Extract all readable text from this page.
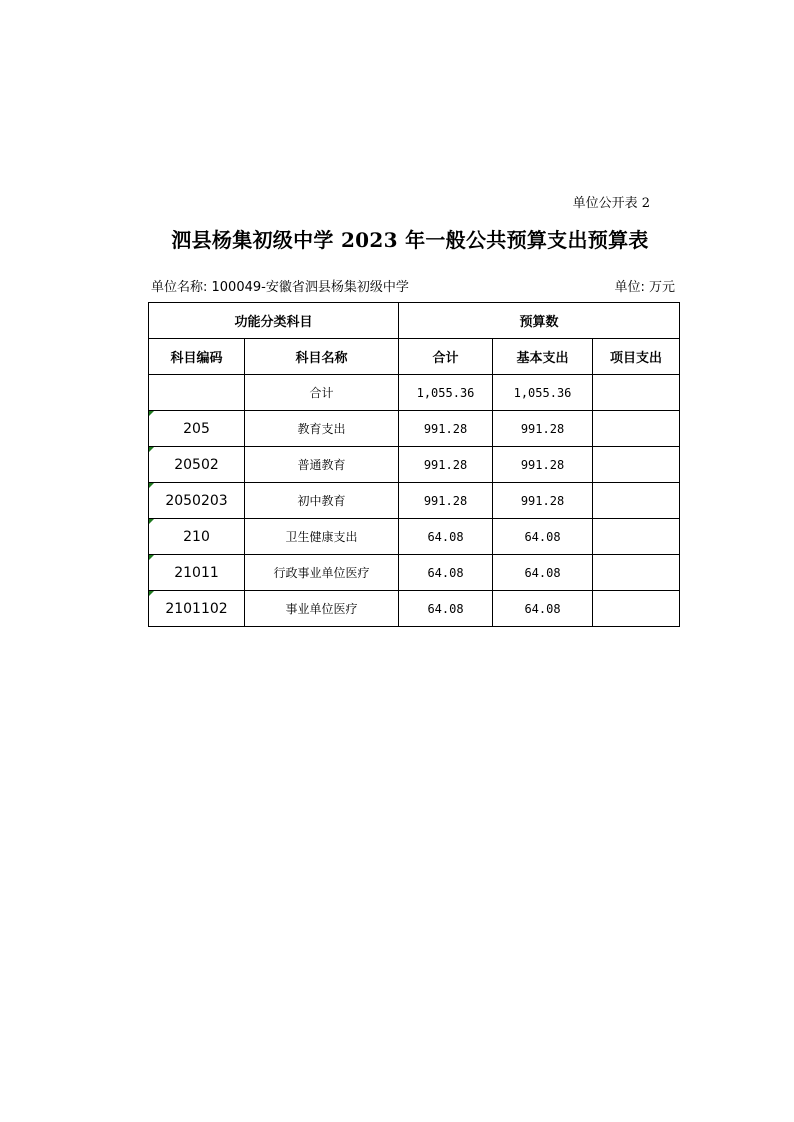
单位公开表 2
泗县杨集初级中学 2023 年一般公共预算支出预算表
单位名称: 100049-安徽省泗县杨集初级中学	单位: 万元
功能分类科目		预算数		
科目编码	科目名称	合计	基本支出	项目支出
	合计	1,055.36	1,055.36	

205	教育支出	991.28	991.28	

20502	普通教育	991.28	991.28	

2050203	初中教育	991.28	991.28	

210	卫生健康支出	64.08	64.08	

21011	行政事业单位医疗	64.08	64.08	

2101102	事业单位医疗	64.08	64.08	
